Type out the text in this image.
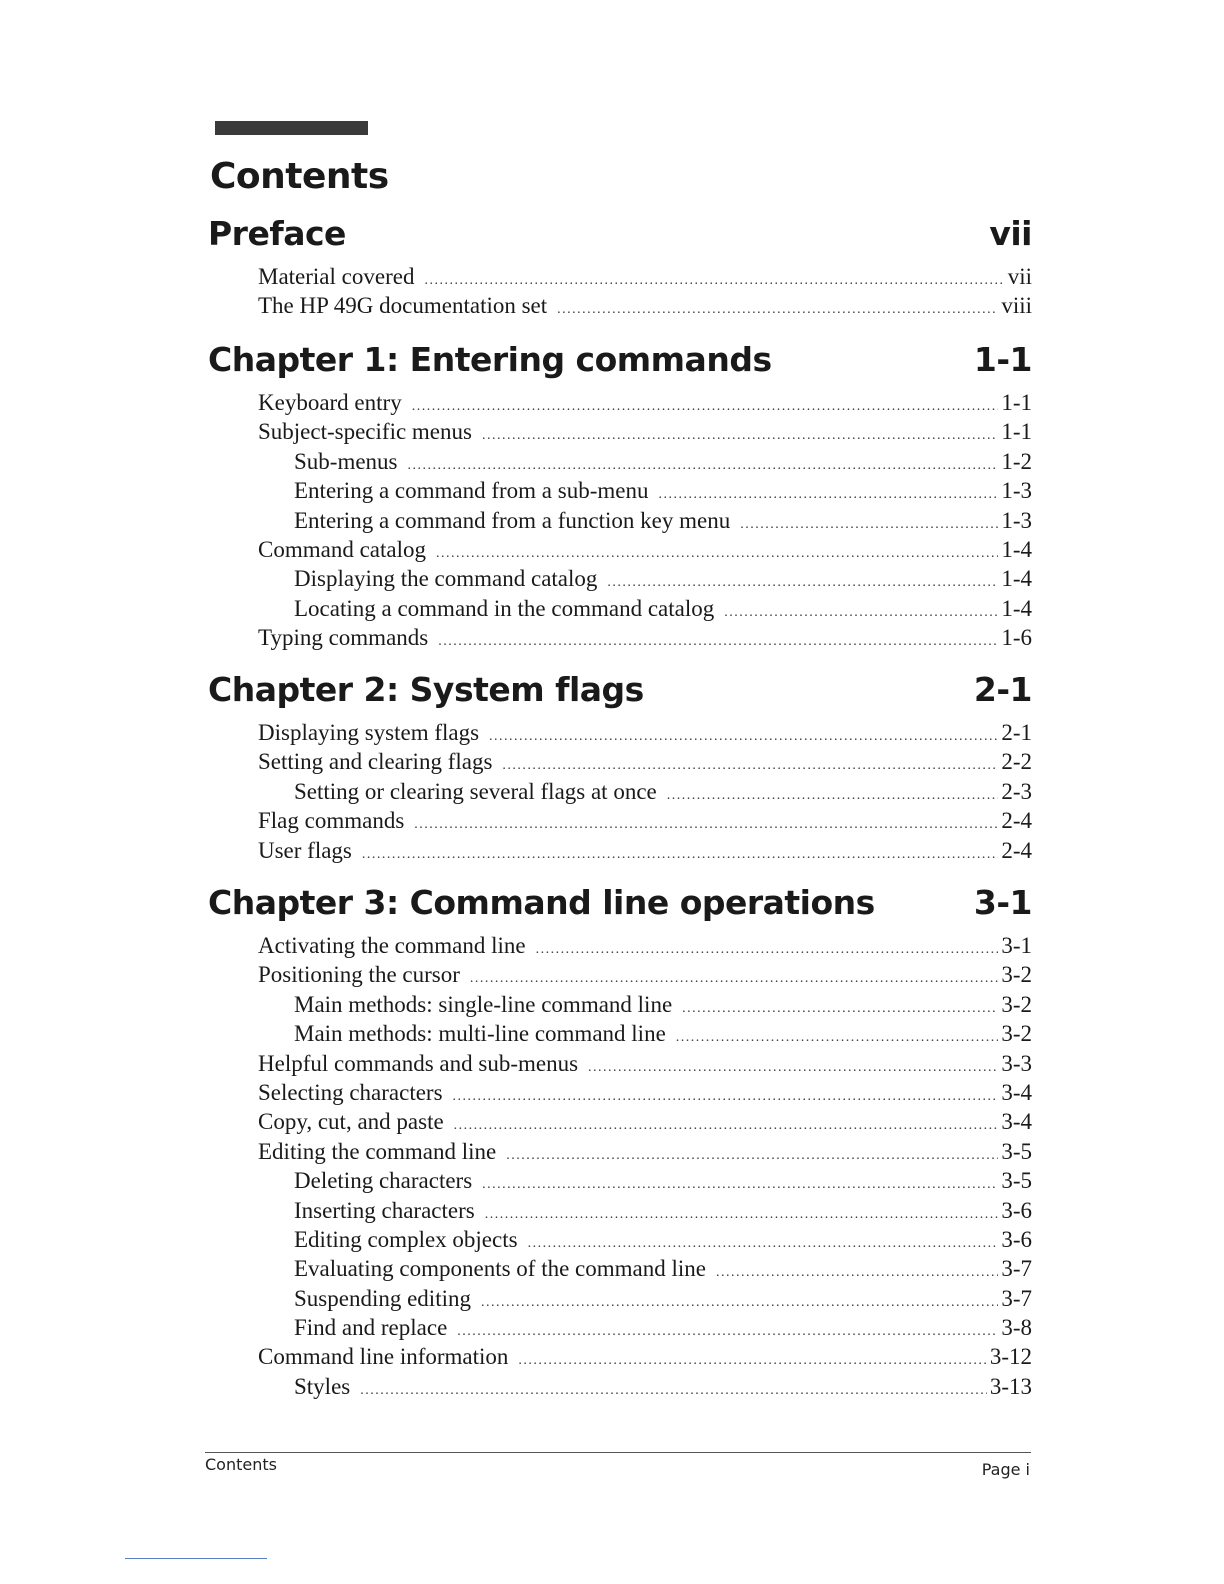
Contents
Preface	vii
Material covered .....	vii
The HP 49G documentation set .....	viii
Chapter 1: Entering commands	1-1
Keyboard entry .....	1-1
Subject-specific menus .....	1-1
Sub-menus .....	1-2
Entering a command from a sub-menu .....	1-3
Entering a command from a function key menu .....	1-3
Command catalog .....	1-4
Displaying the command catalog .....	1-4
Locating a command in the command catalog .....	1-4
Typing commands .....	1-6
Chapter 2: System flags	2-1
Displaying system flags .....	2-1
Setting and clearing flags .....	2-2
Setting or clearing several flags at once .....	2-3
Flag commands .....	2-4
User flags .....	2-4
Chapter 3: Command line operations	3-1
Activating the command line .....	3-1
Positioning the cursor .....	3-2
Main methods: single-line command line .....	3-2
Main methods: multi-line command line .....	3-2
Helpful commands and sub-menus .....	3-3
Selecting characters .....	3-4
Copy, cut, and paste .....	3-4
Editing the command line .....	3-5
Deleting characters .....	3-5
Inserting characters .....	3-6
Editing complex objects .....	3-6
Evaluating components of the command line .....	3-7
Suspending editing .....	3-7
Find and replace .....	3-8
Command line information .....	3-12
Styles .....	3-13
Contents	Page i
